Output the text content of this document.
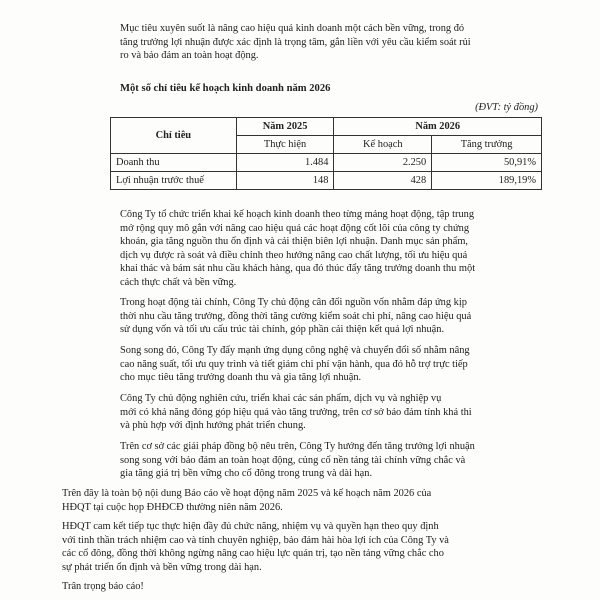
Mục tiêu xuyên suốt là nâng cao hiệu quả kinh doanh một cách bền vững, trong đó
tăng trưởng lợi nhuận được xác định là trọng tâm, gắn liền với yêu cầu kiểm soát rủi
ro và bảo đảm an toàn hoạt động.

Một số chỉ tiêu kế hoạch kinh doanh năm 2026
(ĐVT: tỷ đồng)
Chỉ tiêu	Năm 2025	Năm 2026	
	Thực hiện	Kế hoạch	Tăng trưởng
Doanh thu	1.484	2.250	50,91%
Lợi nhuận trước thuế	148	428	189,19%

Công Ty tổ chức triển khai kế hoạch kinh doanh theo từng mảng hoạt động, tập trung
mở rộng quy mô gắn với nâng cao hiệu quả các hoạt động cốt lõi của công ty chứng
khoán, gia tăng nguồn thu ổn định và cải thiện biên lợi nhuận. Danh mục sản phẩm,
dịch vụ được rà soát và điều chỉnh theo hướng nâng cao chất lượng, tối ưu hiệu quả
khai thác và bám sát nhu cầu khách hàng, qua đó thúc đẩy tăng trưởng doanh thu một
cách thực chất và bền vững.

Trong hoạt động tài chính, Công Ty chủ động cân đối nguồn vốn nhằm đáp ứng kịp
thời nhu cầu tăng trưởng, đồng thời tăng cường kiểm soát chi phí, nâng cao hiệu quả
sử dụng vốn và tối ưu cấu trúc tài chính, góp phần cải thiện kết quả lợi nhuận.

Song song đó, Công Ty đẩy mạnh ứng dụng công nghệ và chuyển đổi số nhằm nâng
cao năng suất, tối ưu quy trình và tiết giảm chi phí vận hành, qua đó hỗ trợ trực tiếp
cho mục tiêu tăng trưởng doanh thu và gia tăng lợi nhuận.

Công Ty chủ động nghiên cứu, triển khai các sản phẩm, dịch vụ và nghiệp vụ
mới có khả năng đóng góp hiệu quả vào tăng trưởng, trên cơ sở bảo đảm tính khả thi
và phù hợp với định hướng phát triển chung.

Trên cơ sở các giải pháp đồng bộ nêu trên, Công Ty hướng đến tăng trưởng lợi nhuận
song song với bảo đảm an toàn hoạt động, củng cố nền tảng tài chính vững chắc và
gia tăng giá trị bền vững cho cổ đông trong trung và dài hạn.

Trên đây là toàn bộ nội dung Báo cáo về hoạt động năm 2025 và kế hoạch năm 2026 của
HĐQT tại cuộc họp ĐHĐCĐ thường niên năm 2026.

HĐQT cam kết tiếp tục thực hiện đầy đủ chức năng, nhiệm vụ và quyền hạn theo quy định
với tinh thần trách nhiệm cao và tính chuyên nghiệp, bảo đảm hài hòa lợi ích của Công Ty và
các cổ đông, đồng thời không ngừng nâng cao hiệu lực quản trị, tạo nền tảng vững chắc cho
sự phát triển ổn định và bền vững trong dài hạn.

Trân trọng báo cáo!
